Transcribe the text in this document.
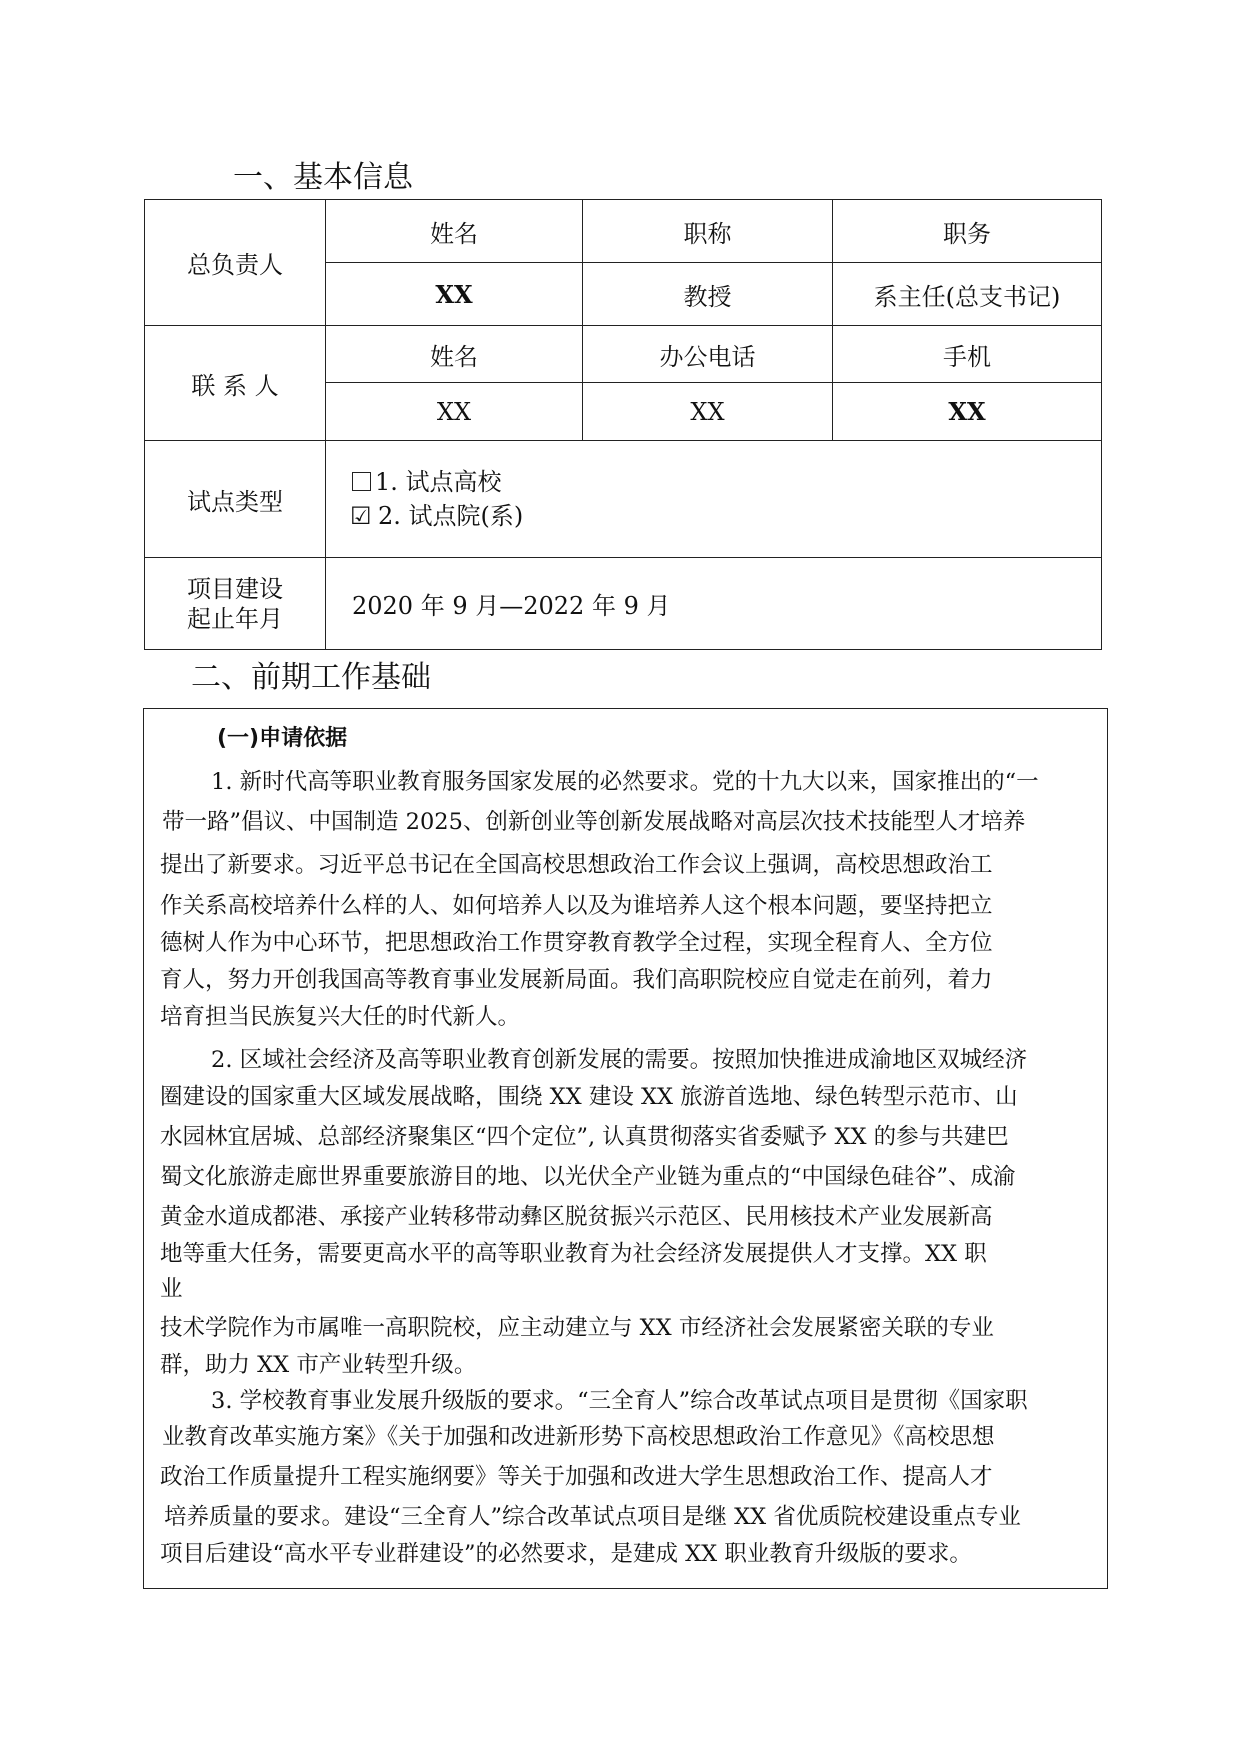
一、基本信息
总负责人	姓名	职称	职务
	XX	教授	系主任(总支书记)
联 系 人	姓名	办公电话	手机
	XX	XX	XX
试点类型	1. 试点高校
☑ 2. 试点院(系)		

项目建设
起止年月	2020 年 9 月—2022 年 9 月		
二、前期工作基础

(一)申请依据

1. 新时代高等职业教育服务国家发展的必然要求。党的十九大以来，国家推出的“一

带一路”倡议、中国制造 2025、创新创业等创新发展战略对高层次技术技能型人才培养

提出了新要求。习近平总书记在全国高校思想政治工作会议上强调，高校思想政治工

作关系高校培养什么样的人、如何培养人以及为谁培养人这个根本问题，要坚持把立

德树人作为中心环节，把思想政治工作贯穿教育教学全过程，实现全程育人、全方位

育人，努力开创我国高等教育事业发展新局面。我们高职院校应自觉走在前列，着力

培育担当民族复兴大任的时代新人。

2. 区域社会经济及高等职业教育创新发展的需要。按照加快推进成渝地区双城经济

圈建设的国家重大区域发展战略，围绕 XX 建设 XX 旅游首选地、绿色转型示范市、山

水园林宜居城、总部经济聚集区“四个定位”, 认真贯彻落实省委赋予 XX 的参与共建巴

蜀文化旅游走廊世界重要旅游目的地、以光伏全产业链为重点的“中国绿色硅谷”、成渝

黄金水道成都港、承接产业转移带动彝区脱贫振兴示范区、民用核技术产业发展新高

地等重大任务，需要更高水平的高等职业教育为社会经济发展提供人才支撑。XX 职

业

技术学院作为市属唯一高职院校，应主动建立与 XX 市经济社会发展紧密关联的专业

群，助力 XX 市产业转型升级。

3. 学校教育事业发展升级版的要求。“三全育人”综合改革试点项目是贯彻《国家职

业教育改革实施方案》《关于加强和改进新形势下高校思想政治工作意见》《高校思想

政治工作质量提升工程实施纲要》等关于加强和改进大学生思想政治工作、提高人才

培养质量的要求。建设“三全育人”综合改革试点项目是继 XX 省优质院校建设重点专业

项目后建设“高水平专业群建设”的必然要求，是建成 XX 职业教育升级版的要求。
